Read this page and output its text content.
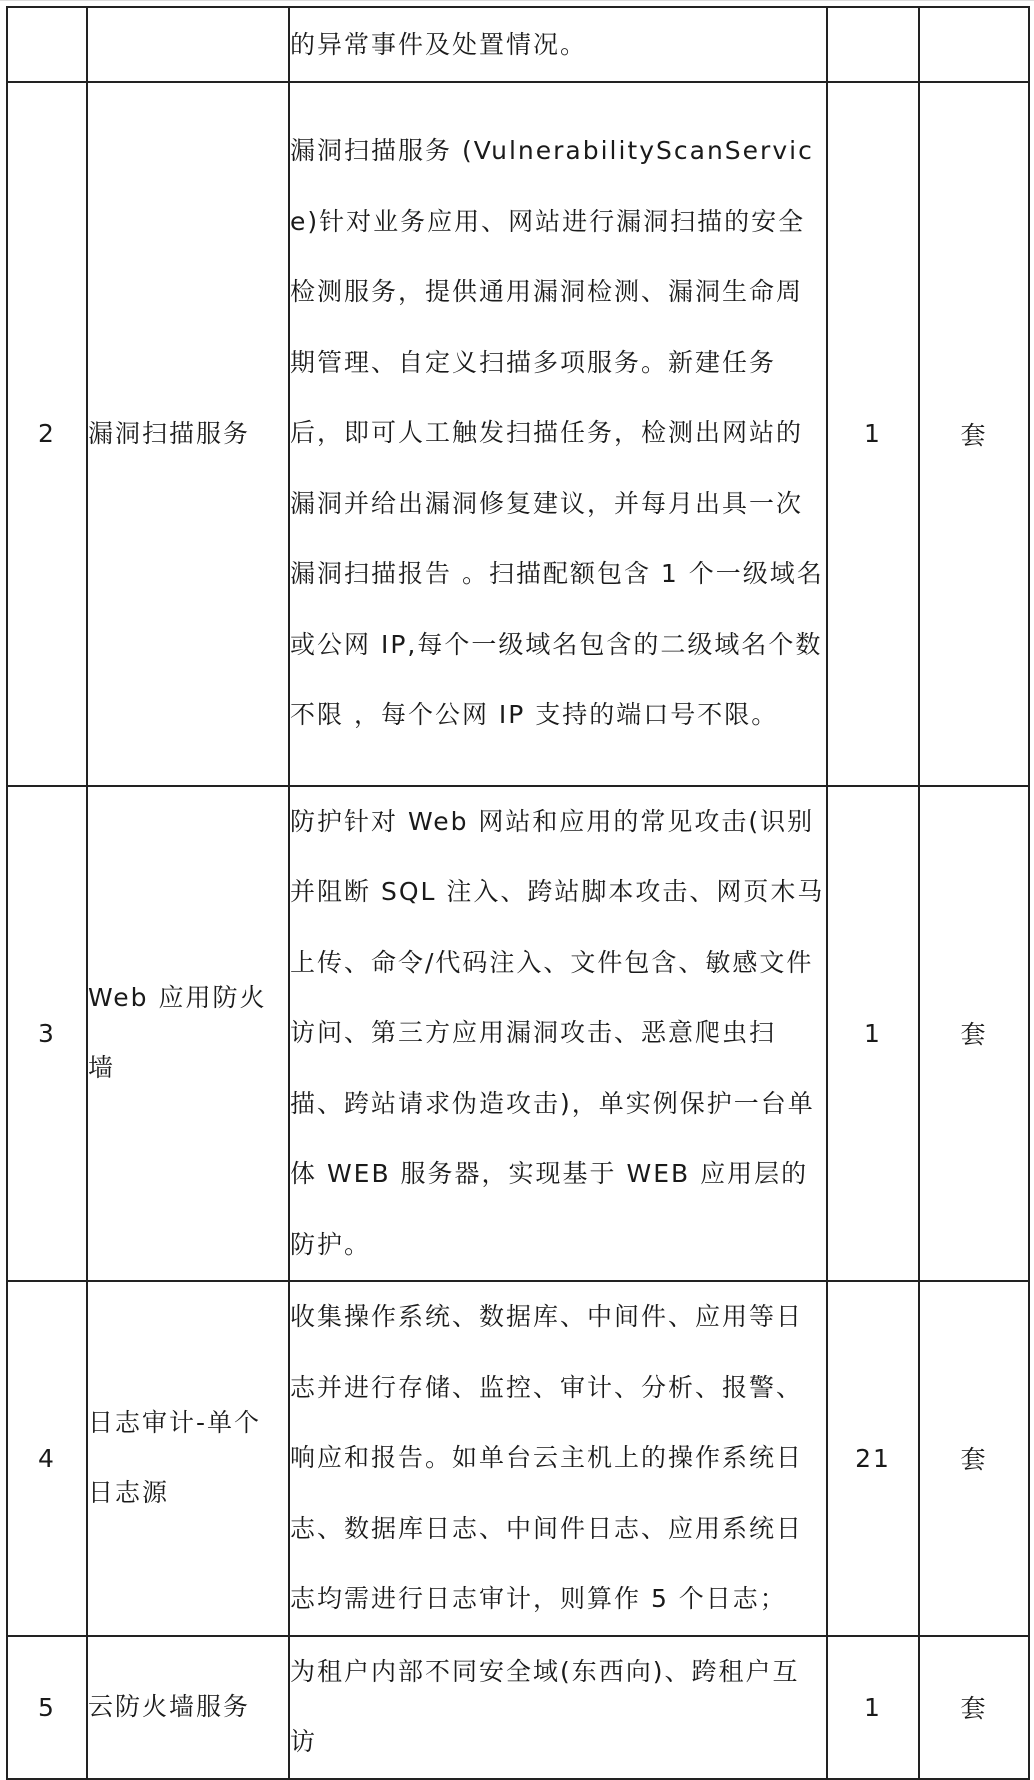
		的异常事件及处置情况。		
2	漏洞扫描服务	漏洞扫描服务 (VulnerabilityScanService)针对业务应用、网站进行漏洞扫描的安全检测服务，提供通用漏洞检测、漏洞生命周期管理、自定义扫描多项服务。新建任务后，即可人工触发扫描任务，检测出网站的漏洞并给出漏洞修复建议，并每月出具一次漏洞扫描报告 。扫描配额包含 1 个一级域名或公网 IP,每个一级域名包含的二级域名个数不限 ，每个公网 IP 支持的端口号不限。	1	套
3	Web 应用防火墙	防护针对 Web 网站和应用的常见攻击(识别并阻断 SQL 注入、跨站脚本攻击、网页木马上传、命令/代码注入、文件包含、敏感文件访问、第三方应用漏洞攻击、恶意爬虫扫描、跨站请求伪造攻击)，单实例保护一台单体 WEB 服务器，实现基于 WEB 应用层的防护。	1	套
4	日志审计-单个日志源	收集操作系统、数据库、中间件、应用等日志并进行存储、监控、审计、分析、报警、响应和报告。如单台云主机上的操作系统日志、数据库日志、中间件日志、应用系统日志均需进行日志审计，则算作 5 个日志；	21	套
5	云防火墙服务	为租户内部不同安全域(东西向)、跨租户互访	1	套
